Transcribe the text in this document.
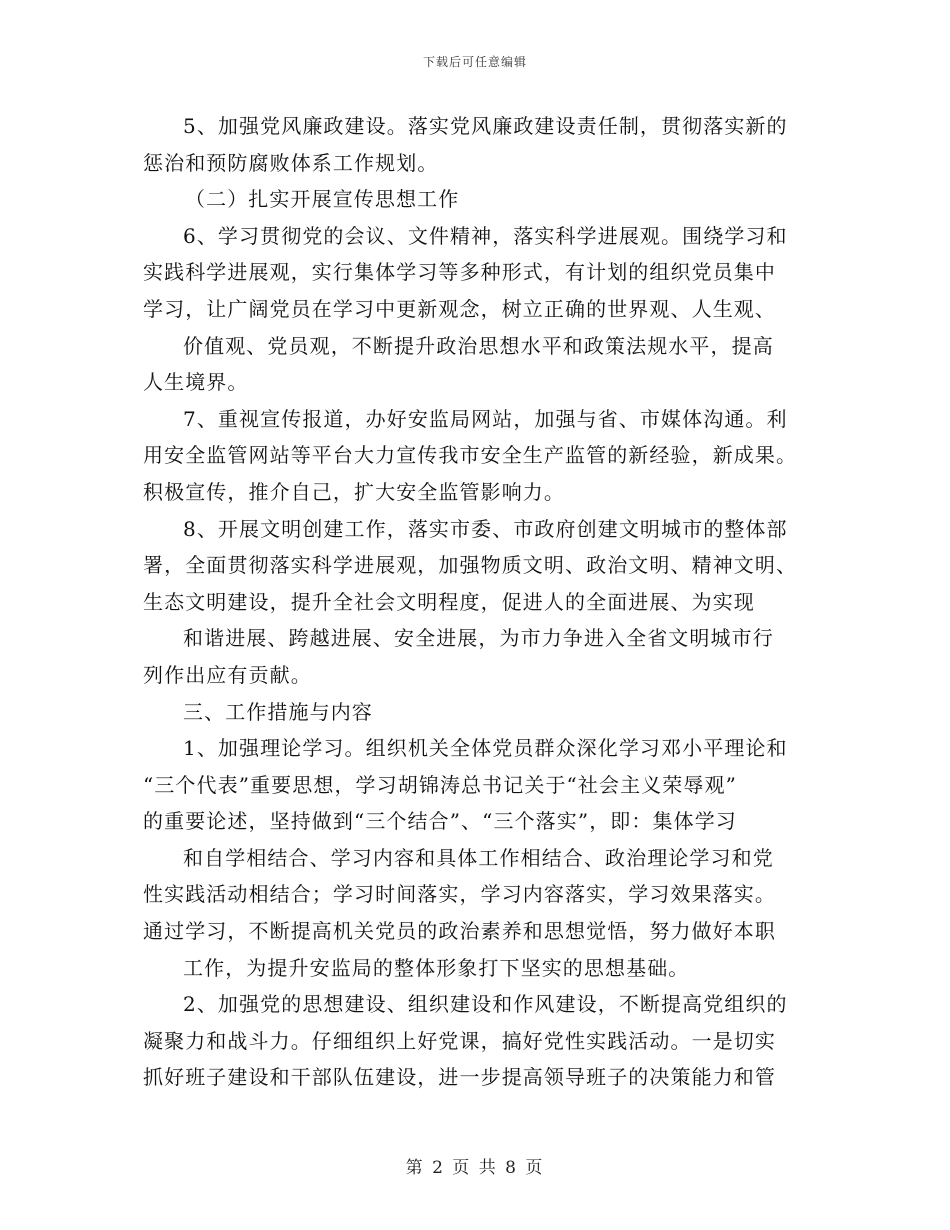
下载后可任意编辑
5、加强党风廉政建设。落实党风廉政建设责任制，贯彻落实新的
惩治和预防腐败体系工作规划。
（二）扎实开展宣传思想工作
6、学习贯彻党的会议、文件精神，落实科学进展观。围绕学习和
实践科学进展观，实行集体学习等多种形式，有计划的组织党员集中
学习，让广阔党员在学习中更新观念，树立正确的世界观、人生观、
价值观、党员观，不断提升政治思想水平和政策法规水平，提高
人生境界。
7、重视宣传报道，办好安监局网站，加强与省、市媒体沟通。利
用安全监管网站等平台大力宣传我市安全生产监管的新经验，新成果。
积极宣传，推介自己，扩大安全监管影响力。
8、开展文明创建工作，落实市委、市政府创建文明城市的整体部
署，全面贯彻落实科学进展观，加强物质文明、政治文明、精神文明、
生态文明建设，提升全社会文明程度，促进人的全面进展、为实现
和谐进展、跨越进展、安全进展，为市力争进入全省文明城市行
列作出应有贡献。
三、工作措施与内容
1、加强理论学习。组织机关全体党员群众深化学习邓小平理论和
“三个代表”重要思想，学习胡锦涛总书记关于“社会主义荣辱观”
的重要论述，坚持做到“三个结合”、“三个落实”，即：集体学习
和自学相结合、学习内容和具体工作相结合、政治理论学习和党
性实践活动相结合；学习时间落实，学习内容落实，学习效果落实。
通过学习，不断提高机关党员的政治素养和思想觉悟，努力做好本职
工作，为提升安监局的整体形象打下坚实的思想基础。
2、加强党的思想建设、组织建设和作风建设，不断提高党组织的
凝聚力和战斗力。仔细组织上好党课，搞好党性实践活动。一是切实
抓好班子建设和干部队伍建设，进一步提高领导班子的决策能力和管
第 2 页 共 8 页
